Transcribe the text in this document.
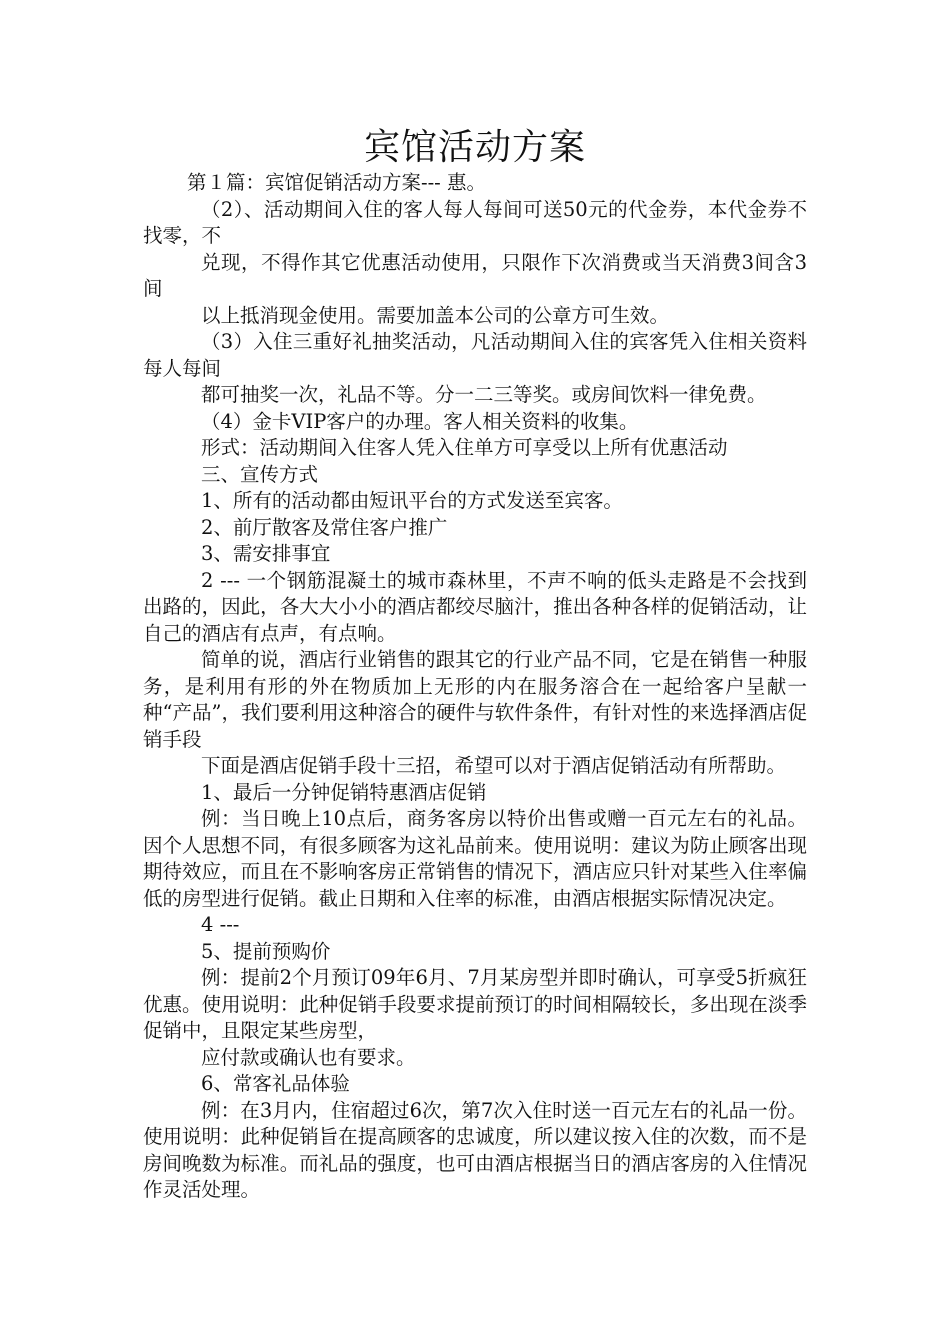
宾馆活动方案

第１篇：宾馆促销活动方案--- 惠。

（2）、活动期间入住的客人每人每间可送50元的代金券，本代金券不找零，不

兑现，不得作其它优惠活动使用，只限作下次消费或当天消费3间含3间

以上抵消现金使用。需要加盖本公司的公章方可生效。

（3）入住三重好礼抽奖活动，凡活动期间入住的宾客凭入住相关资料每人每间

都可抽奖一次，礼品不等。分一二三等奖。或房间饮料一律免费。

（4）金卡VIP客户的办理。客人相关资料的收集。

形式：活动期间入住客人凭入住单方可享受以上所有优惠活动

三、宣传方式

1、所有的活动都由短讯平台的方式发送至宾客。

2、前厅散客及常住客户推广

3、需安排事宜

2 --- 一个钢筋混凝土的城市森林里，不声不响的低头走路是不会找到出路的，因此，各大大小小的酒店都绞尽脑汁，推出各种各样的促销活动，让自己的酒店有点声，有点响。

简单的说，酒店行业销售的跟其它的行业产品不同，它是在销售一种服务，是利用有形的外在物质加上无形的内在服务溶合在一起给客户呈献一种“产品”，我们要利用这种溶合的硬件与软件条件，有针对性的来选择酒店促销手段

下面是酒店促销手段十三招，希望可以对于酒店促销活动有所帮助。

1、最后一分钟促销特惠酒店促销

例：当日晚上10点后，商务客房以特价出售或赠一百元左右的礼品。因个人思想不同，有很多顾客为这礼品前来。使用说明：建议为防止顾客出现期待效应，而且在不影响客房正常销售的情况下，酒店应只针对某些入住率偏低的房型进行促销。截止日期和入住率的标准，由酒店根据实际情况决定。

4 ---

5、提前预购价

例：提前2个月预订09年6月、7月某房型并即时确认，可享受5折疯狂优惠。使用说明：此种促销手段要求提前预订的时间相隔较长，多出现在淡季促销中，且限定某些房型，

应付款或确认也有要求。

6、常客礼品体验

例：在3月内，住宿超过6次，第7次入住时送一百元左右的礼品一份。使用说明：此种促销旨在提高顾客的忠诚度，所以建议按入住的次数，而不是房间晚数为标准。而礼品的强度，也可由酒店根据当日的酒店客房的入住情况作灵活处理。
